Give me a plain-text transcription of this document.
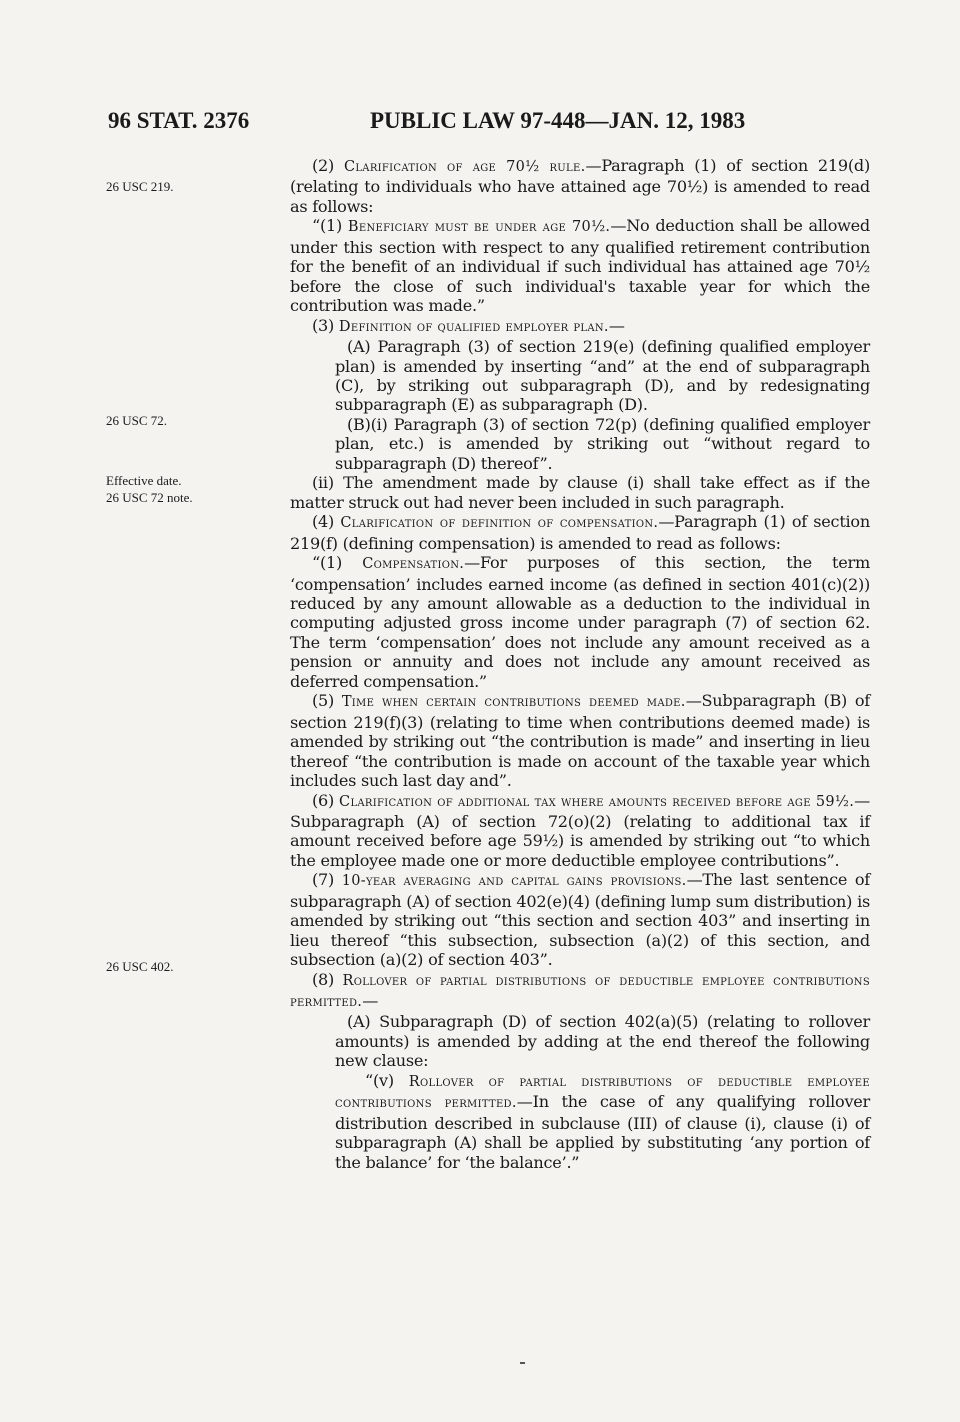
96 STAT. 2376	PUBLIC LAW 97-448—JAN. 12, 1983
26 USC 219.
26 USC 72.
Effective date.
26 USC 72 note.
26 USC 402.

(2) Clarification of age 70½ rule.—Paragraph (1) of section 219(d) (relating to individuals who have attained age 70½) is amended to read as follows:

“(1) Beneficiary must be under age 70½.—No deduction shall be allowed under this section with respect to any qualified retirement contribution for the benefit of an individual if such individual has attained age 70½ before the close of such individual's taxable year for which the contribution was made.”

(3) Definition of qualified employer plan.—

(A) Paragraph (3) of section 219(e) (defining qualified employer plan) is amended by inserting “and” at the end of subparagraph (C), by striking out subparagraph (D), and by redesignating subparagraph (E) as subparagraph (D).

(B)(i) Paragraph (3) of section 72(p) (defining qualified employer plan, etc.) is amended by striking out “without regard to subparagraph (D) thereof”.

(ii) The amendment made by clause (i) shall take effect as if the matter struck out had never been included in such paragraph.

(4) Clarification of definition of compensation.—Paragraph (1) of section 219(f) (defining compensation) is amended to read as follows:

“(1) Compensation.—For purposes of this section, the term ‘compensation’ includes earned income (as defined in section 401(c)(2)) reduced by any amount allowable as a deduction to the individual in computing adjusted gross income under paragraph (7) of section 62. The term ‘compensation’ does not include any amount received as a pension or annuity and does not include any amount received as deferred compensation.”

(5) Time when certain contributions deemed made.—Subparagraph (B) of section 219(f)(3) (relating to time when contributions deemed made) is amended by striking out “the contribution is made” and inserting in lieu thereof “the contribution is made on account of the taxable year which includes such last day and”.

(6) Clarification of additional tax where amounts received before age 59½.—Subparagraph (A) of section 72(o)(2) (relating to additional tax if amount received before age 59½) is amended by striking out “to which the employee made one or more deductible employee contributions”.

(7) 10-year averaging and capital gains provisions.—The last sentence of subparagraph (A) of section 402(e)(4) (defining lump sum distribution) is amended by striking out “this section and section 403” and inserting in lieu thereof “this subsection, subsection (a)(2) of this section, and subsection (a)(2) of section 403”.

(8) Rollover of partial distributions of deductible employee contributions permitted.—

(A) Subparagraph (D) of section 402(a)(5) (relating to rollover amounts) is amended by adding at the end thereof the following new clause:

“(v) Rollover of partial distributions of deductible employee contributions permitted.—In the case of any qualifying rollover distribution described in subclause (III) of clause (i), clause (i) of subparagraph (A) shall be applied by substituting ‘any portion of the balance’ for ‘the balance’.”
